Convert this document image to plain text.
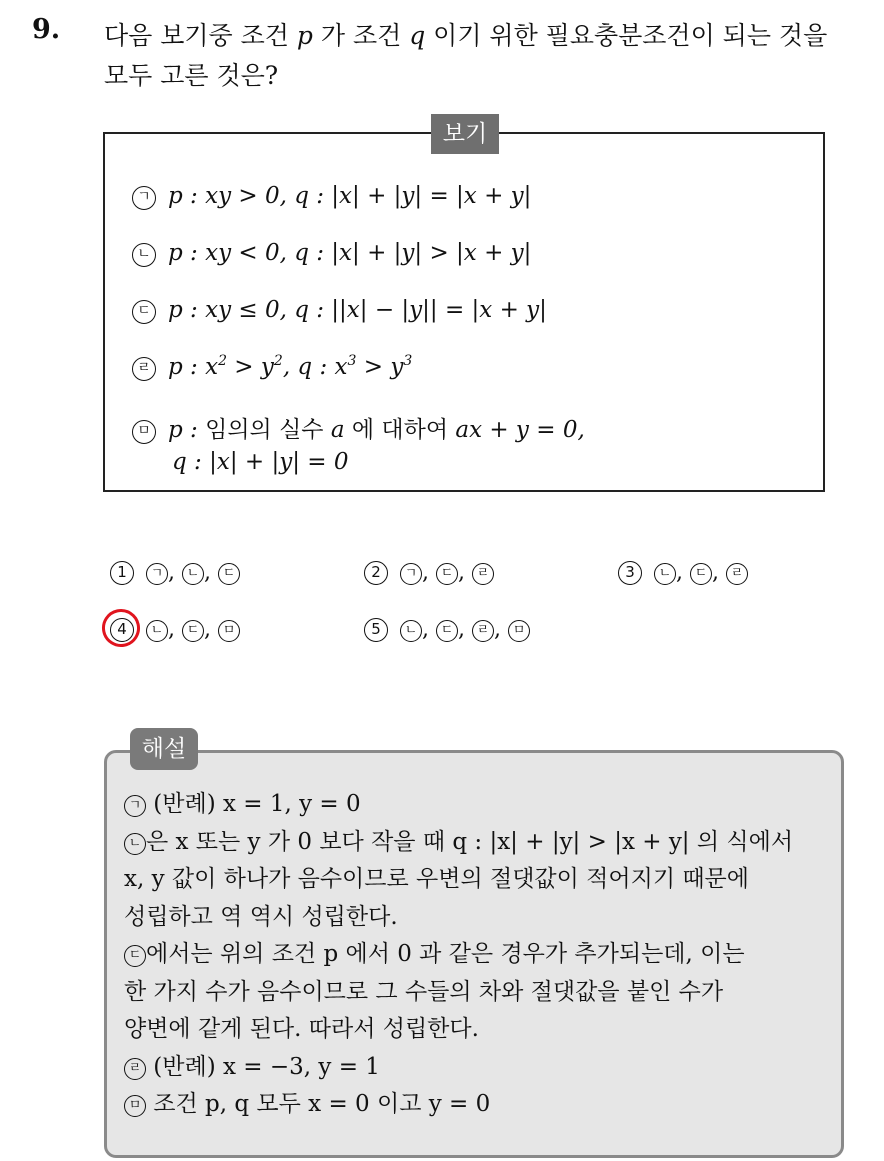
9. 다음 보기중 조건 p 가 조건 q 이기 위한 필요충분조건이 되는 것을
모두 고른 것은?
보기
ㄱ p : xy > 0, q : |x| + |y| = |x + y|
ㄴ p : xy < 0, q : |x| + |y| > |x + y|
ㄷ p : xy ≤ 0, q : ||x| − |y|| = |x + y|
ㄹ p : $x^2 > y^2$, q : $x^3 > y^3$
ㅁ p : 임의의 실수 a 에 대하여 ax + y = 0,
q : |x| + |y| = 0
1 ㄱ , ㄴ , ㄷ	2 ㄱ , ㄷ , ㄹ	3 ㄴ , ㄷ , ㄹ
4 ㄴ , ㄷ , ㅁ	5 ㄴ , ㄷ , ㄹ , ㅁ
해설
ㄱ (반례) x = 1, y = 0
ㄴ 은 x 또는 y 가 0 보다 작을 때 q : |x| + |y| > |x + y| 의 식에서
x, y 값이 하나가 음수이므로 우변의 절댓값이 적어지기 때문에
성립하고 역 역시 성립한다.
ㄷ 에서는 위의 조건 p 에서 0 과 같은 경우가 추가되는데, 이는
한 가지 수가 음수이므로 그 수들의 차와 절댓값을 붙인 수가
양변에 같게 된다. 따라서 성립한다.
ㄹ (반례) x = −3, y = 1
ㅁ 조건 p, q 모두 x = 0 이고 y = 0
